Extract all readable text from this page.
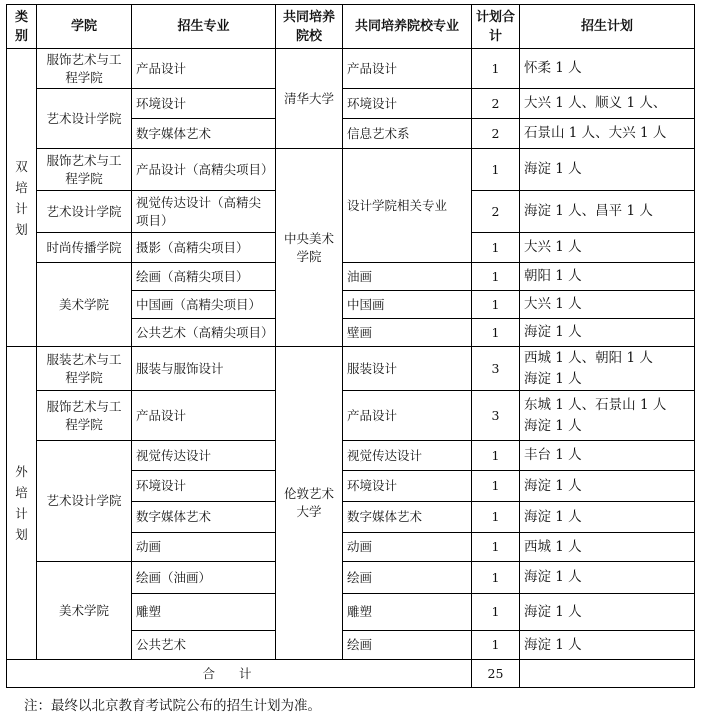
类别	学院	招生专业	共同培养院校	共同培养院校专业	计划合计	招生计划
双培计划	服饰艺术与工程学院	产品设计	清华大学	产品设计	1	怀柔 1 人
	艺术设计学院	环境设计		环境设计	2	大兴 1 人、顺义 1 人、
		数字媒体艺术		信息艺术系	2	石景山 1 人、大兴 1 人
	服饰艺术与工程学院	产品设计（高精尖项目）	中央美术学院	设计学院相关专业	1	海淀 1 人
	艺术设计学院	视觉传达设计（高精尖项目）			2	海淀 1 人、昌平 1 人
	时尚传播学院	摄影（高精尖项目）			1	大兴 1 人
	美术学院	绘画（高精尖项目）		油画	1	朝阳 1 人
		中国画（高精尖项目）		中国画	1	大兴 1 人
		公共艺术（高精尖项目）		壁画	1	海淀 1 人
外培计划	服装艺术与工程学院	服装与服饰设计	伦敦艺术大学	服装设计	3	西城 1 人、朝阳 1 人
海淀 1 人
	服饰艺术与工程学院	产品设计		产品设计	3	东城 1 人、石景山 1 人
海淀 1 人
	艺术设计学院	视觉传达设计		视觉传达设计	1	丰台 1 人
		环境设计		环境设计	1	海淀 1 人
		数字媒体艺术		数字媒体艺术	1	海淀 1 人
		动画		动画	1	西城 1 人
	美术学院	绘画（油画）		绘画	1	海淀 1 人
		雕塑		雕塑	1	海淀 1 人
		公共艺术		绘画	1	海淀 1 人
合计					25	
注：最终以北京教育考试院公布的招生计划为准。
